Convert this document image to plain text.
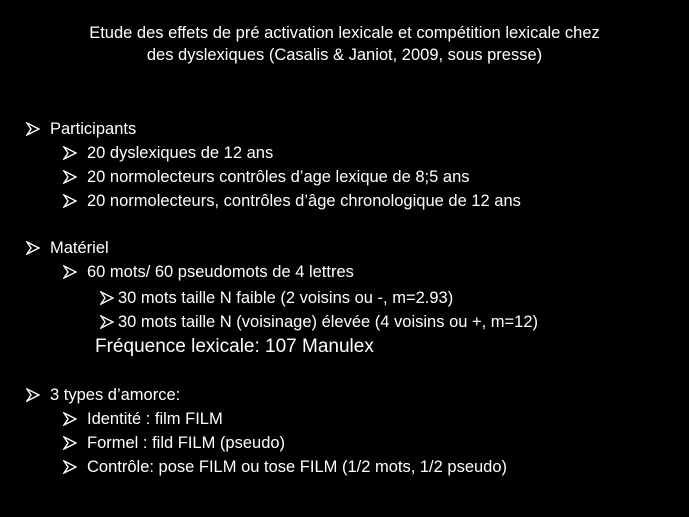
Etude des effets de pré activation lexicale et compétition lexicale chez
des dyslexiques (Casalis & Janiot, 2009, sous presse)
Participants
20 dyslexiques de 12 ans
20 normolecteurs contrôles d’age lexique de 8;5 ans
20 normolecteurs, contrôles d’âge chronologique de 12 ans
Matériel
60 mots/ 60 pseudomots de 4 lettres
30 mots taille N faible (2 voisins ou -, m=2.93)
30 mots taille N (voisinage) élevée (4 voisins ou +, m=12)
Fréquence lexicale: 107 Manulex
3 types d’amorce:
Identité : film FILM
Formel : fild FILM (pseudo)
Contrôle: pose FILM ou tose FILM (1/2 mots, 1/2 pseudo)
